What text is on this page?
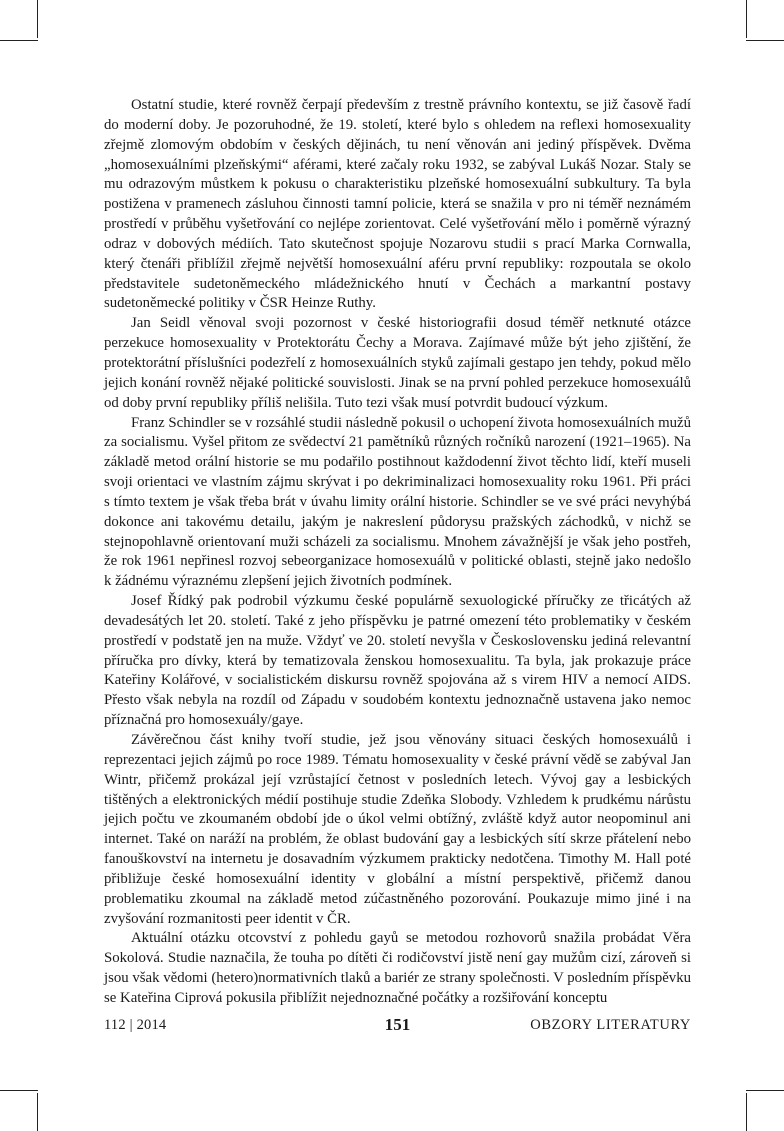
Ostatní studie, které rovněž čerpají především z trestně právního kontextu, se již časově řadí do moderní doby. Je pozoruhodné, že 19. století, které bylo s ohledem na reflexi homosexuality zřejmě zlomovým obdobím v českých dějinách, tu není věnován ani jediný příspěvek. Dvěma „homosexuálními plzeňskými“ aférami, které začaly roku 1932, se zabýval Lukáš Nozar. Staly se mu odrazovým můstkem k pokusu o charakteristiku plzeňské homosexuální subkultury. Ta byla postižena v pramenech zásluhou činnosti tamní policie, která se snažila v pro ni téměř neznámém prostředí v průběhu vyšetřování co nejlépe zorientovat. Celé vyšetřování mělo i poměrně výrazný odraz v dobových médiích. Tato skutečnost spojuje Nozarovu studii s prací Marka Cornwalla, který čtenáři přiblížil zřejmě největší homosexuální aféru první republiky: rozpoutala se okolo představitele sudetoněmeckého mládežnického hnutí v Čechách a markantní postavy sudetoněmecké politiky v ČSR Heinze Ruthy.

Jan Seidl věnoval svoji pozornost v české historiografii dosud téměř netknuté otázce perzekuce homosexuality v Protektorátu Čechy a Morava. Zajímavé může být jeho zjištění, že protektorátní příslušníci podezřelí z homosexuálních styků zajímali gestapo jen tehdy, pokud mělo jejich konání rovněž nějaké politické souvislosti. Jinak se na první pohled perzekuce homosexuálů od doby první republiky příliš nelišila. Tuto tezi však musí potvrdit budoucí výzkum.

Franz Schindler se v rozsáhlé studii následně pokusil o uchopení života homosexuálních mužů za socialismu. Vyšel přitom ze svědectví 21 pamětníků různých ročníků narození (1921–1965). Na základě metod orální historie se mu podařilo postihnout každodenní život těchto lidí, kteří museli svoji orientaci ve vlastním zájmu skrývat i po dekriminalizaci homosexuality roku 1961. Při práci s tímto textem je však třeba brát v úvahu limity orální historie. Schindler se ve své práci nevyhýbá dokonce ani takovému detailu, jakým je nakreslení půdorysu pražských záchodků, v nichž se stejnopohlavně orientovaní muži scházeli za socialismu. Mnohem závažnější je však jeho postřeh, že rok 1961 nepřinesl rozvoj sebeorganizace homosexuálů v politické oblasti, stejně jako nedošlo k žádnému výraznému zlepšení jejich životních podmínek.

Josef Řídký pak podrobil výzkumu české populárně sexuologické příručky ze třicátých až devadesátých let 20. století. Také z jeho příspěvku je patrné omezení této problematiky v českém prostředí v podstatě jen na muže. Vždyť ve 20. století nevyšla v Československu jediná relevantní příručka pro dívky, která by tematizovala ženskou homosexualitu. Ta byla, jak prokazuje práce Kateřiny Kolářové, v socialistickém diskursu rovněž spojována až s virem HIV a nemocí AIDS. Přesto však nebyla na rozdíl od Západu v soudobém kontextu jednoznačně ustavena jako nemoc příznačná pro homosexuály/gaye.

Závěrečnou část knihy tvoří studie, jež jsou věnovány situaci českých homosexuálů i reprezentaci jejich zájmů po roce 1989. Tématu homosexuality v české právní vědě se zabýval Jan Wintr, přičemž prokázal její vzrůstající četnost v posledních letech. Vývoj gay a lesbických tištěných a elektronických médií postihuje studie Zdeňka Slobody. Vzhledem k prudkému nárůstu jejich počtu ve zkoumaném období jde o úkol velmi obtížný, zvláště když autor neopominul ani internet. Také on naráží na problém, že oblast budování gay a lesbických sítí skrze přátelení nebo fanouškovství na internetu je dosavadním výzkumem prakticky nedotčena. Timothy M. Hall poté přibližuje české homosexuální identity v globální a místní perspektivě, přičemž danou problematiku zkoumal na základě metod zúčastněného pozorování. Poukazuje mimo jiné i na zvyšování rozmanitosti peer identit v ČR.

Aktuální otázku otcovství z pohledu gayů se metodou rozhovorů snažila probádat Věra Sokolová. Studie naznačila, že touha po dítěti či rodičovství jistě není gay mužům cizí, zároveň si jsou však vědomi (hetero)normativních tlaků a bariér ze strany společnosti. V posledním příspěvku se Kateřina Ciprová pokusila přiblížit nejednoznačné počátky a rozšiřování konceptu

112 | 2014	151	OBZORY LITERATURY
